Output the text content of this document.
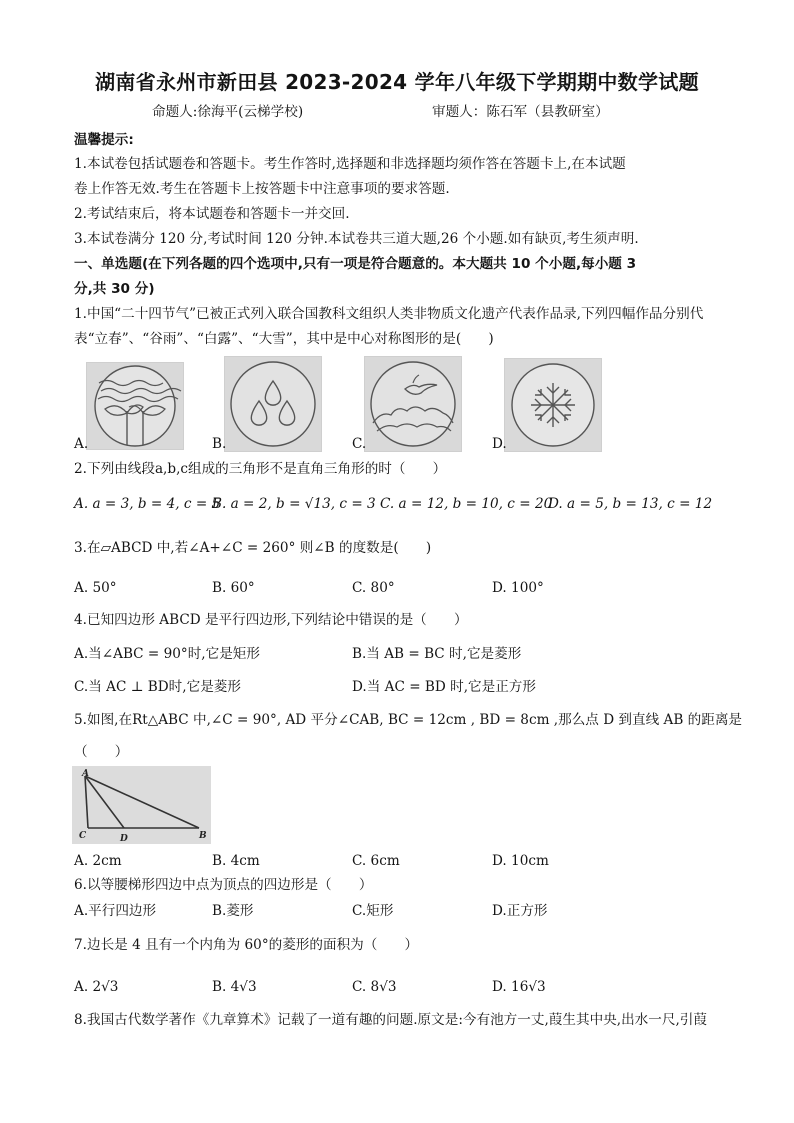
湖南省永州市新田县 2023-2024 学年八年级下学期期中数学试题
命题人:徐海平(云梯学校)	审题人：陈石军（县教研室）
温馨提示:
1.本试卷包括试题卷和答题卡。考生作答时,选择题和非选择题均须作答在答题卡上,在本试题
卷上作答无效.考生在答题卡上按答题卡中注意事项的要求答题.
2.考试结束后，将本试题卷和答题卡一并交回.
3.本试卷满分 120 分,考试时间 120 分钟.本试卷共三道大题,26 个小题.如有缺页,考生须声明.
一、单选题(在下列各题的四个选项中,只有一项是符合题意的。本大题共 10 个小题,每小题 3
分,共 30 分)
1.中国“二十四节气”已被正式列入联合国教科文组织人类非物质文化遗产代表作品录,下列四幅作品分别代
表“立春”、“谷雨”、“白露”、“大雪”，其中是中心对称图形的是(　　)
A.	B.	C.	D.
2.下列由线段a,b,c组成的三角形不是直角三角形的时（　　）
A. a = 3, b = 4, c = 5
B. a = 2, b = √13, c = 3 C. a = 12, b = 10, c = 20
D. a = 5, b = 13, c = 12
3.在▱ABCD 中,若∠A+∠C = 260° 则∠B 的度数是(　　)
A. 50°	B. 60°	C. 80°	D. 100°
4.已知四边形 ABCD 是平行四边形,下列结论中错误的是（　　）
A.当∠ABC = 90°时,它是矩形	B.当 AB = BC 时,它是菱形
C.当 AC ⊥ BD时,它是菱形	D.当 AC = BD 时,它是正方形
5.如图,在Rt△ABC 中,∠C = 90°, AD 平分∠CAB, BC = 12cm , BD = 8cm ,那么点 D 到直线 AB 的距离是
（　　）
A
C	D	B
A. 2cm	B. 4cm	C. 6cm	D. 10cm
6.以等腰梯形四边中点为顶点的四边形是（　　）
A.平行四边形	B.菱形	C.矩形	D.正方形
7.边长是 4 且有一个内角为 60°的菱形的面积为（　　）
A. 2√3	B. 4√3	C. 8√3	D. 16√3
8.我国古代数学著作《九章算术》记载了一道有趣的问题.原文是:今有池方一丈,葭生其中央,出水一尺,引葭
